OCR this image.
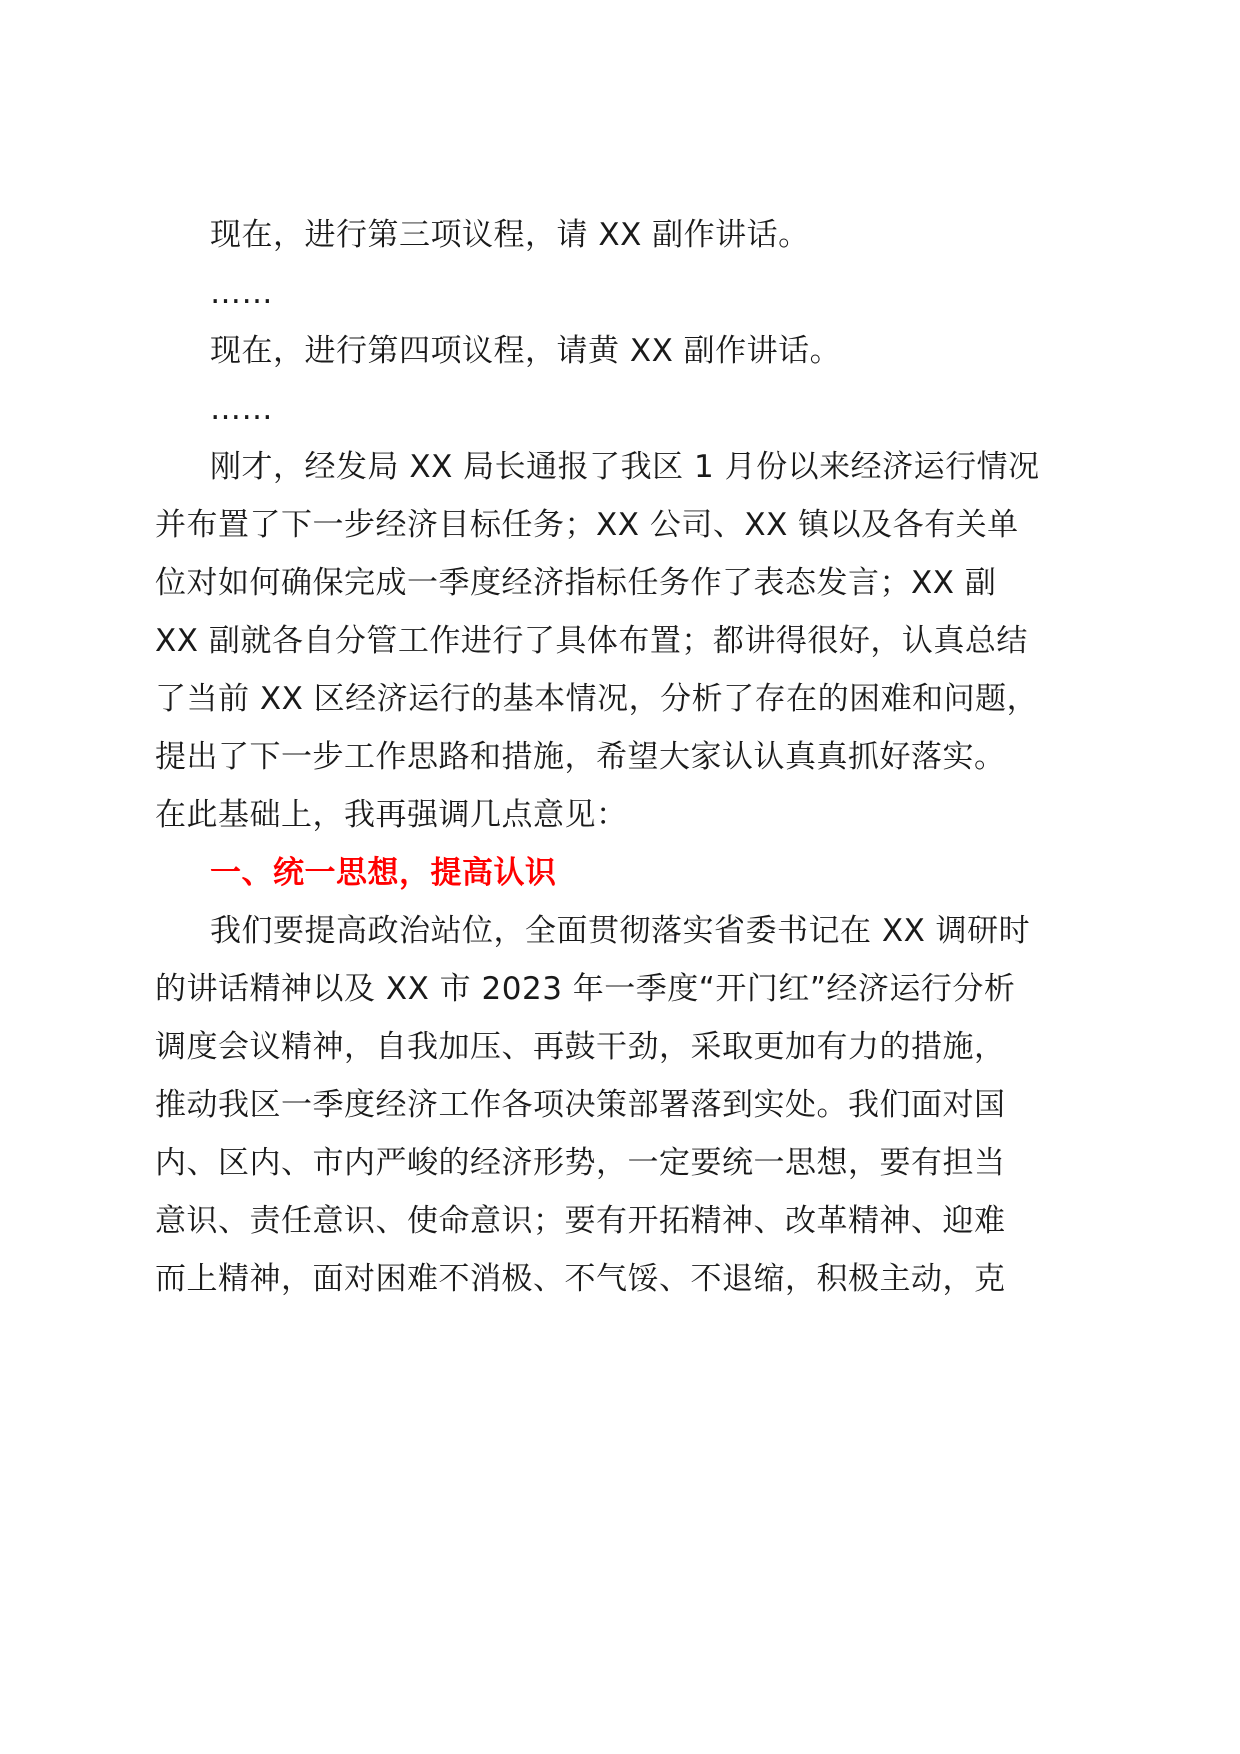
现在，进行第三项议程，请 XX 副作讲话。
……
现在，进行第四项议程，请黄 XX 副作讲话。
……
刚才，经发局 XX 局长通报了我区 1 月份以来经济运行情况
并布置了下一步经济目标任务；XX 公司、XX 镇以及各有关单
位对如何确保完成一季度经济指标任务作了表态发言；XX 副
XX 副就各自分管工作进行了具体布置；都讲得很好，认真总结
了当前 XX 区经济运行的基本情况，分析了存在的困难和问题，
提出了下一步工作思路和措施，希望大家认认真真抓好落实。
在此基础上，我再强调几点意见：
一、统一思想，提高认识
我们要提高政治站位，全面贯彻落实省委书记在 XX 调研时
的讲话精神以及 XX 市 2023 年一季度“开门红”经济运行分析
调度会议精神，自我加压、再鼓干劲，采取更加有力的措施，
推动我区一季度经济工作各项决策部署落到实处。我们面对国
内、区内、市内严峻的经济形势，一定要统一思想，要有担当
意识、责任意识、使命意识；要有开拓精神、改革精神、迎难
而上精神，面对困难不消极、不气馁、不退缩，积极主动，克
